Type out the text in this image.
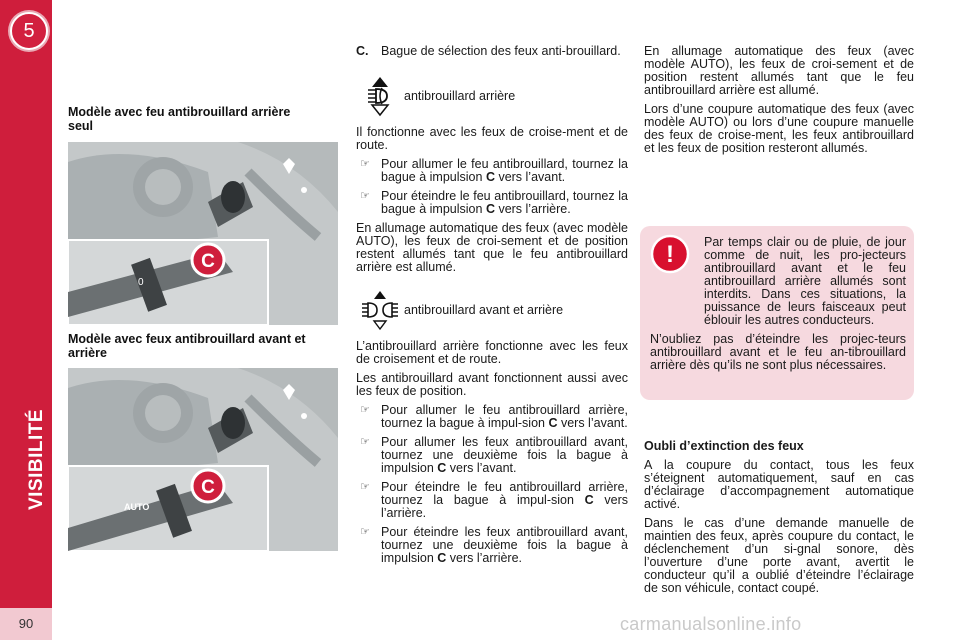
5
VISIBILITÉ
90
Modèle avec feu antibrouillard arrière seul
C
0
Modèle avec feux antibrouillard avant et arrière
C
AUTO
C.	Bague de sélection des feux anti-brouillard.
antibrouillard arrière

Il fonctionne avec les feux de croise-ment et de route.

☞ Pour allumer le feu antibrouillard, tournez la bague à impulsion C vers l’avant.
☞ Pour éteindre le feu antibrouillard, tournez la bague à impulsion C vers l’arrière.

En allumage automatique des feux (avec modèle AUTO), les feux de croi-sement et de position restent allumés tant que le feu antibrouillard arrière est allumé.

antibrouillard avant et arrière

L’antibrouillard arrière fonctionne avec les feux de croisement et de route.

Les antibrouillard avant fonctionnent aussi avec les feux de position.

☞ Pour allumer le feu antibrouillard arrière, tournez la bague à impul-sion C vers l’avant.
☞ Pour allumer les feux antibrouillard avant, tournez une deuxième fois la bague à impulsion C vers l’avant.
☞ Pour éteindre le feu antibrouillard arrière, tournez la bague à impul-sion C vers l’arrière.
☞ Pour éteindre les feux antibrouillard avant, tournez une deuxième fois la bague à impulsion C vers l’arrière.

En allumage automatique des feux (avec modèle AUTO), les feux de croi-sement et de position restent allumés tant que le feu antibrouillard arrière est allumé.

Lors d’une coupure automatique des feux (avec modèle AUTO) ou lors d’une coupure manuelle des feux de croise-ment, les feux antibrouillard et les feux de position resteront allumés.

!	Par temps clair ou de pluie, de jour comme de nuit, les pro-jecteurs antibrouillard avant et le feu antibrouillard arrière allumés sont interdits. Dans ces situations, la puissance de leurs faisceaux peut éblouir les autres conducteurs.

N’oubliez pas d’éteindre les projec-teurs antibrouillard avant et le feu an-tibrouillard arrière dès qu’ils ne sont plus nécessaires.

Oubli d’extinction des feux

A la coupure du contact, tous les feux s’éteignent automatiquement, sauf en cas d’éclairage d’accompagnement automatique activé.

Dans le cas d’une demande manuelle de maintien des feux, après coupure du contact, le déclenchement d’un si-gnal sonore, dès l’ouverture d’une porte avant, avertit le conducteur qu’il a oublié d’éteindre l’éclairage de son véhicule, contact coupé.

carmanualsonline.info
